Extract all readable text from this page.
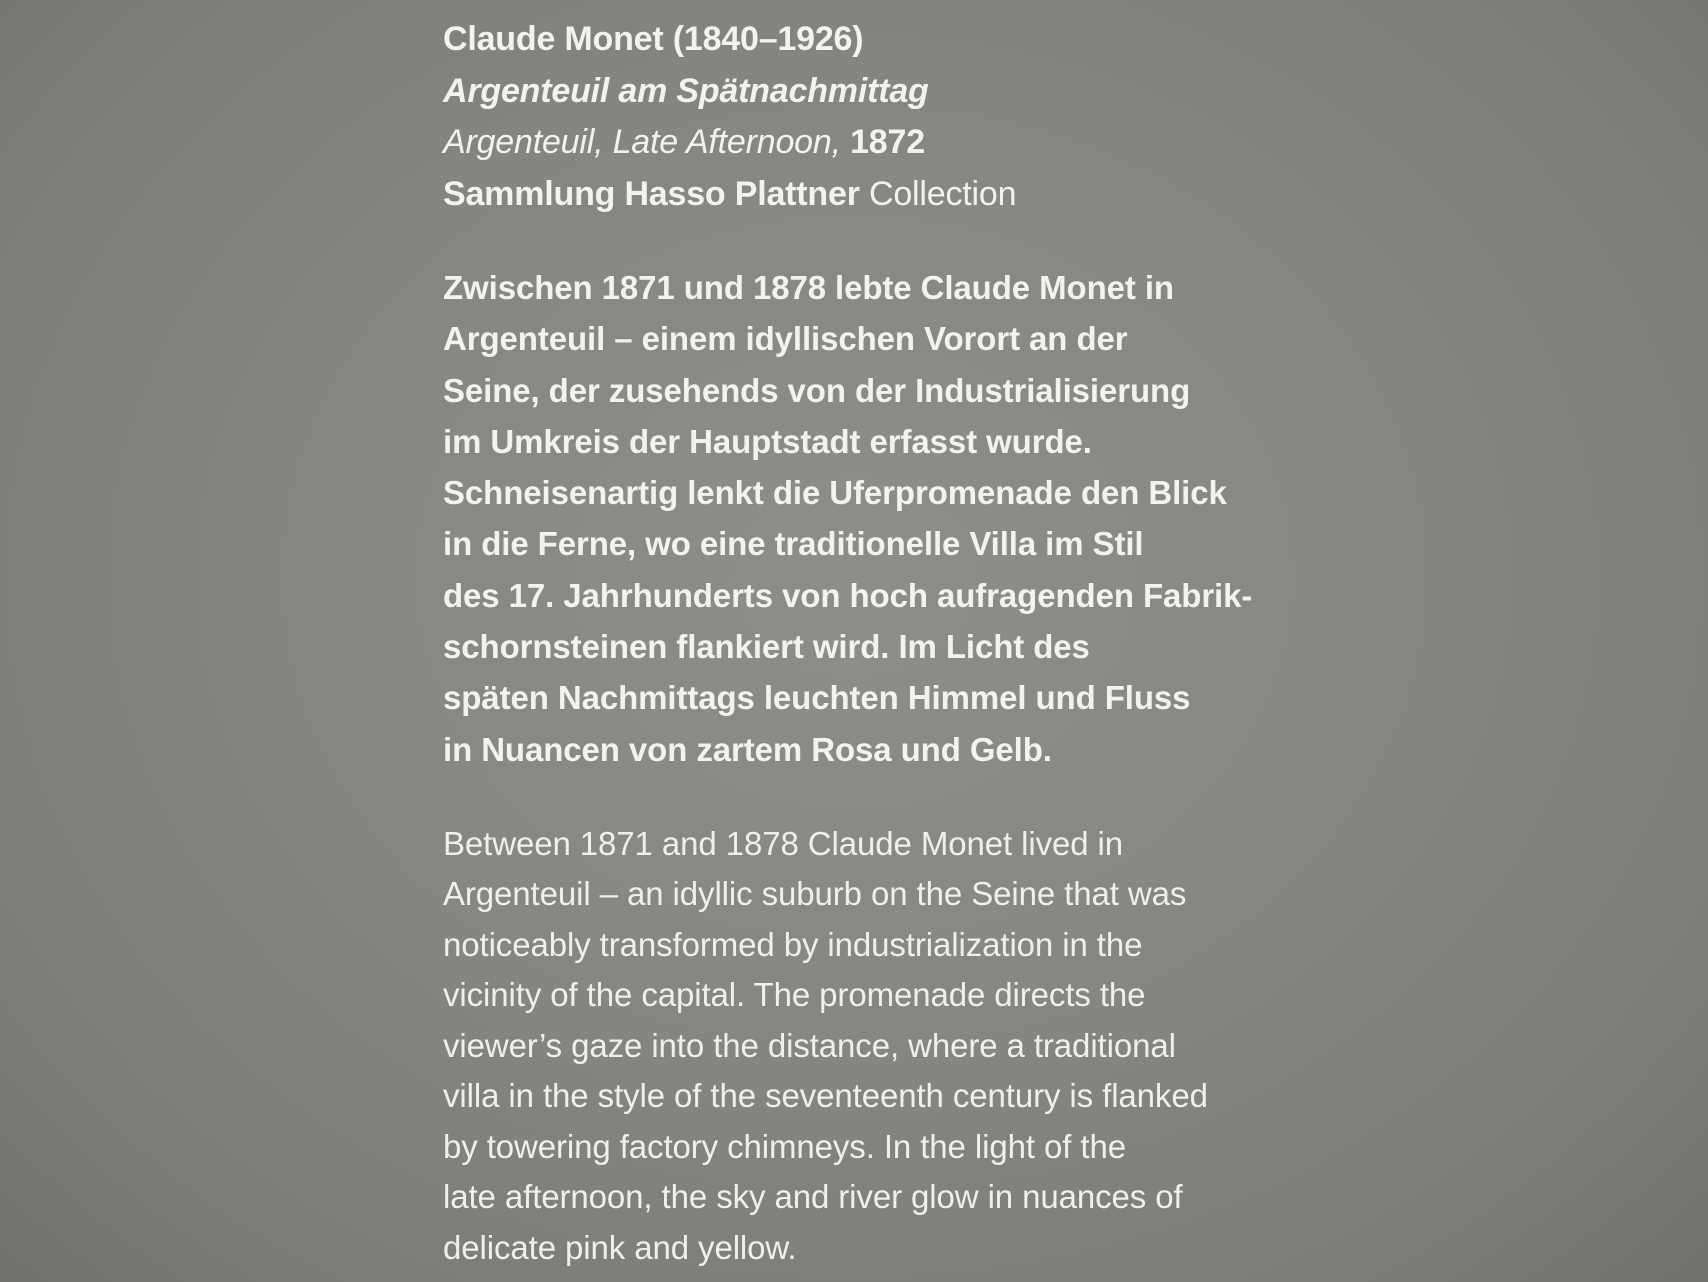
Claude Monet (1840–1926)
Argenteuil am Spätnachmittag
Argenteuil, Late Afternoon, 1872
Sammlung Hasso Plattner Collection
Zwischen 1871 und 1878 lebte Claude Monet in
Argenteuil – einem idyllischen Vorort an der
Seine, der zusehends von der Industrialisierung
im Umkreis der Hauptstadt erfasst wurde.
Schneisenartig lenkt die Uferpromenade den Blick
in die Ferne, wo eine traditionelle Villa im Stil
des 17. Jahrhunderts von hoch aufragenden Fabrik-
schornsteinen flankiert wird. Im Licht des
späten Nachmittags leuchten Himmel und Fluss
in Nuancen von zartem Rosa und Gelb.
Between 1871 and 1878 Claude Monet lived in
Argenteuil – an idyllic suburb on the Seine that was
noticeably transformed by industrialization in the
vicinity of the capital. The promenade directs the
viewer’s gaze into the distance, where a traditional
villa in the style of the seventeenth century is flanked
by towering factory chimneys. In the light of the
late afternoon, the sky and river glow in nuances of
delicate pink and yellow.
